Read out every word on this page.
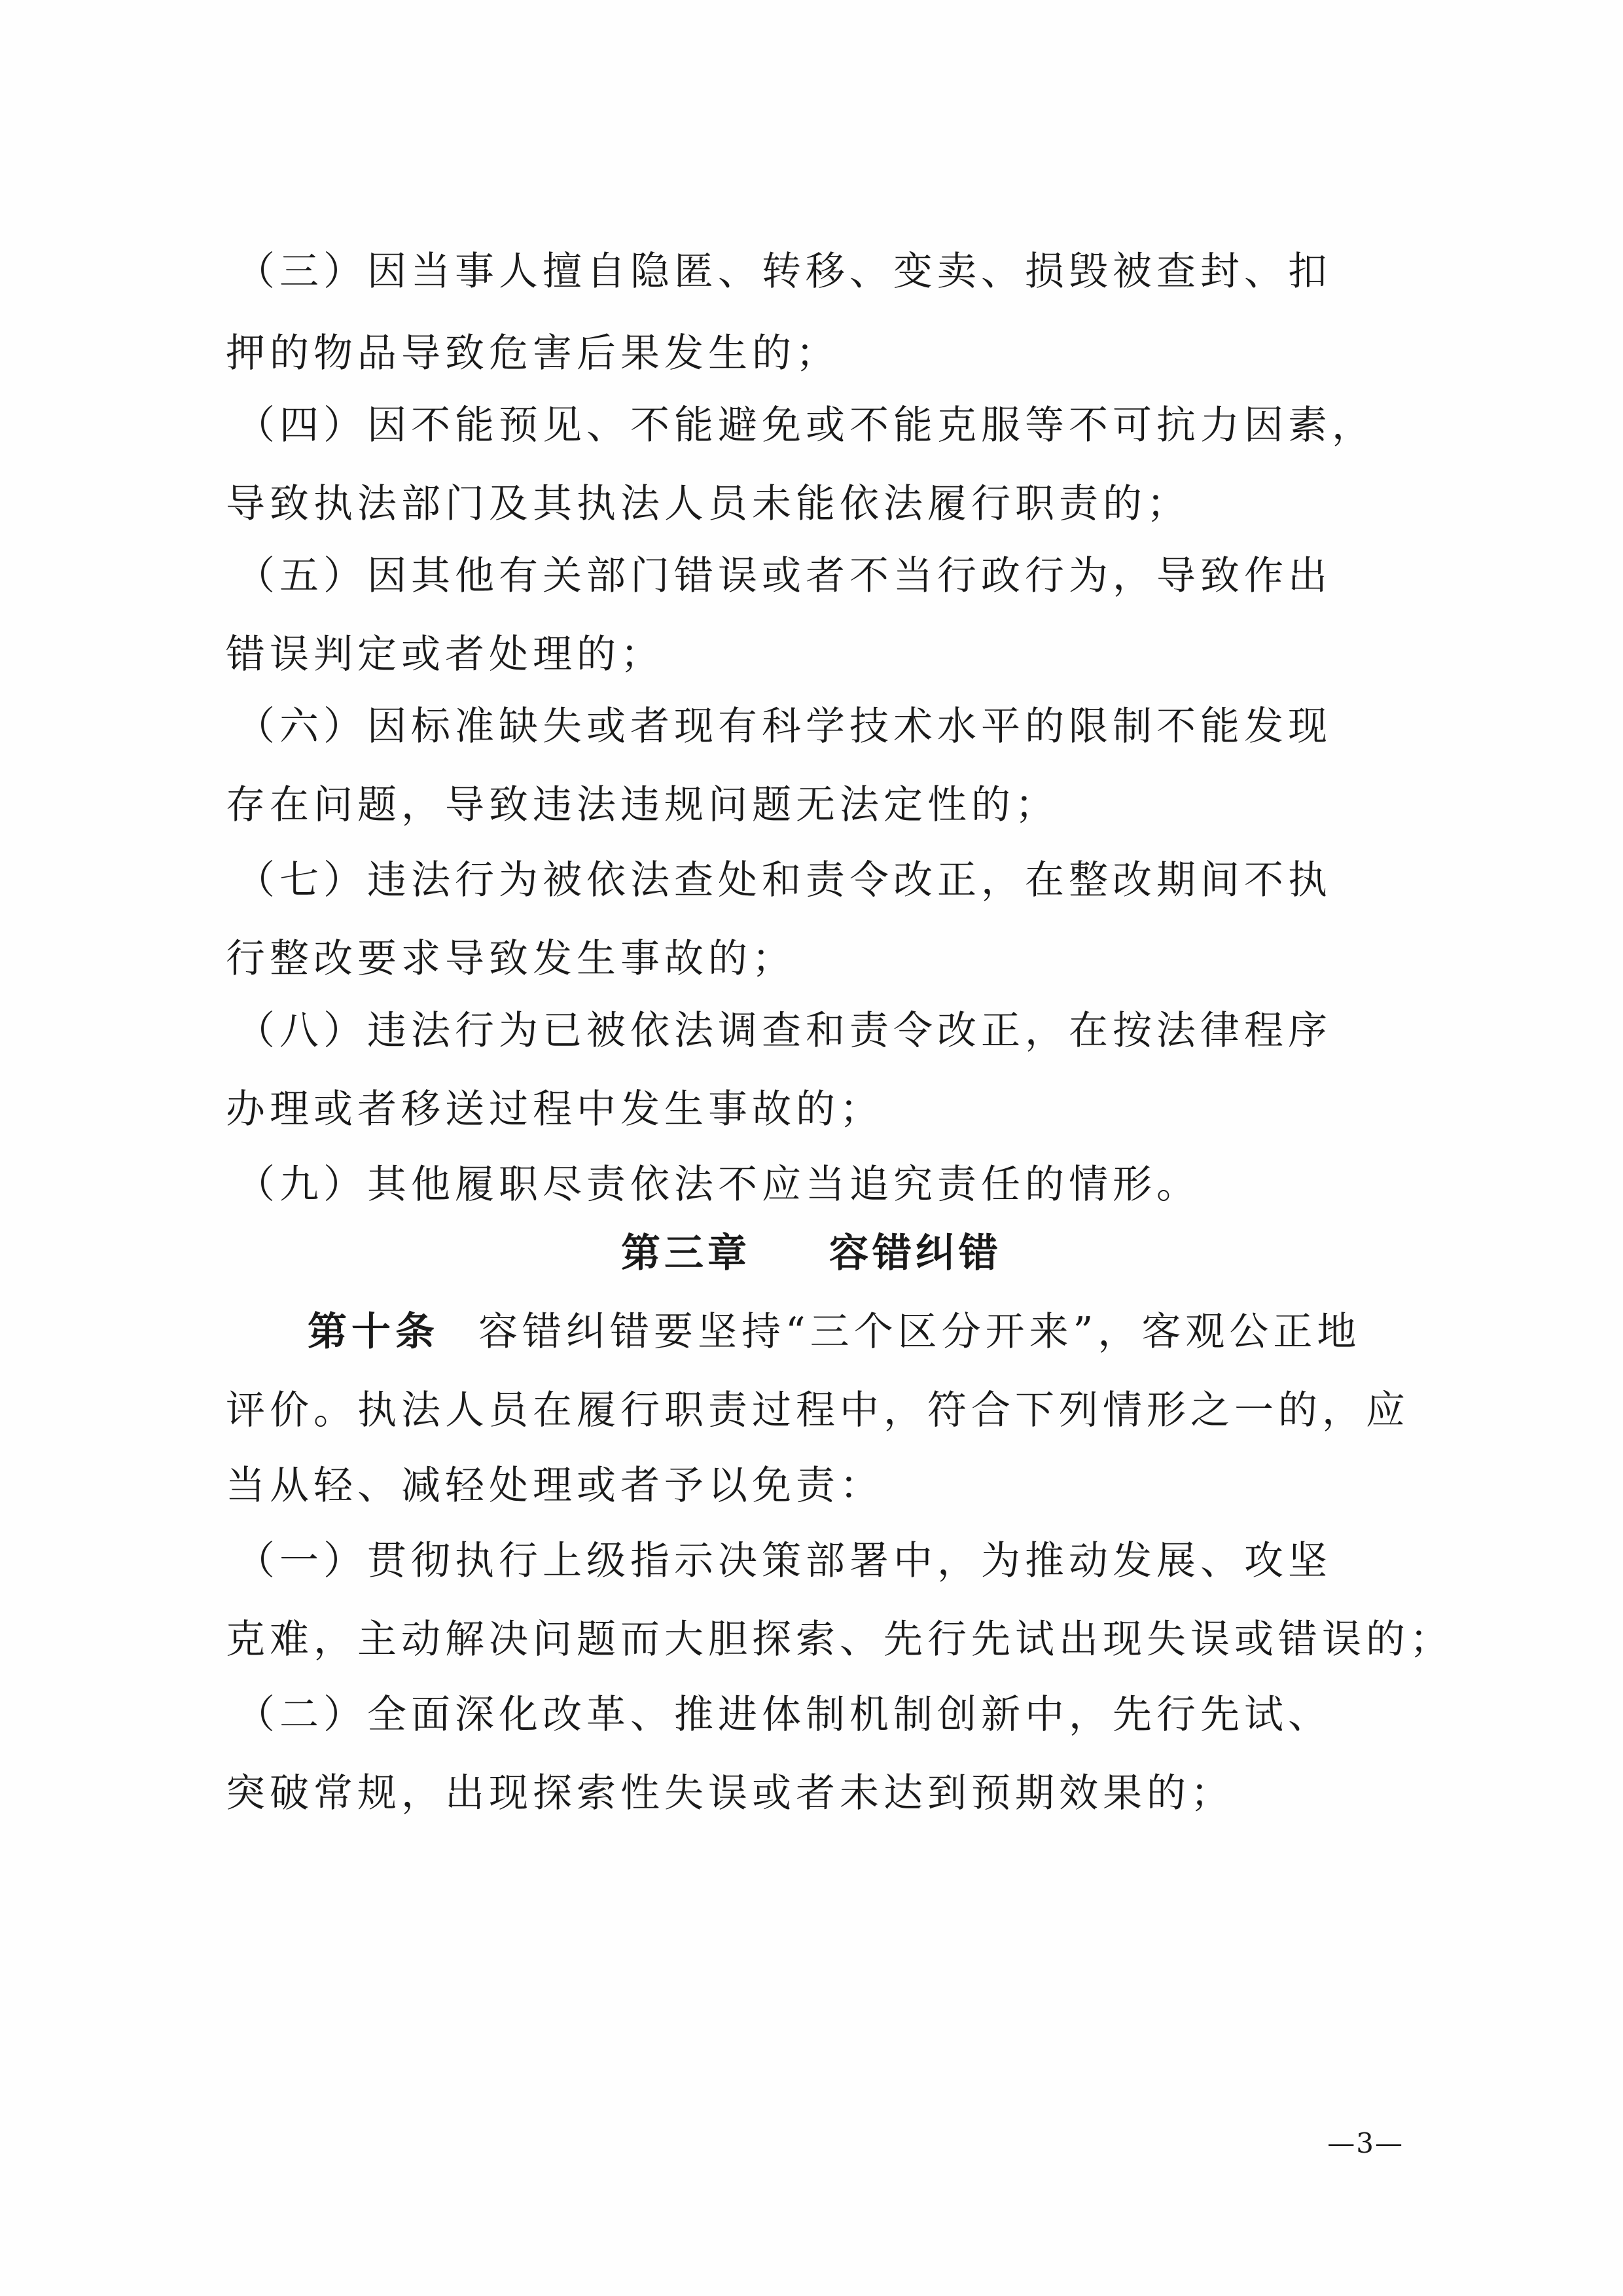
（三）因当事人擅自隐匿、转移、变卖、损毁被查封、扣
押的物品导致危害后果发生的；
（四）因不能预见、不能避免或不能克服等不可抗力因素，
导致执法部门及其执法人员未能依法履行职责的；
（五）因其他有关部门错误或者不当行政行为，导致作出
错误判定或者处理的；
（六）因标准缺失或者现有科学技术水平的限制不能发现
存在问题，导致违法违规问题无法定性的；
（七）违法行为被依法查处和责令改正，在整改期间不执
行整改要求导致发生事故的；
（八）违法行为已被依法调查和责令改正，在按法律程序
办理或者移送过程中发生事故的；
（九）其他履职尽责依法不应当追究责任的情形。
第三章 容错纠错
第十条 容错纠错要坚持“三个区分开来”，客观公正地
评价。执法人员在履行职责过程中，符合下列情形之一的，应
当从轻、减轻处理或者予以免责：
（一）贯彻执行上级指示决策部署中，为推动发展、攻坚
克难，主动解决问题而大胆探索、先行先试出现失误或错误的；
（二）全面深化改革、推进体制机制创新中，先行先试、
突破常规，出现探索性失误或者未达到预期效果的；
—3—
